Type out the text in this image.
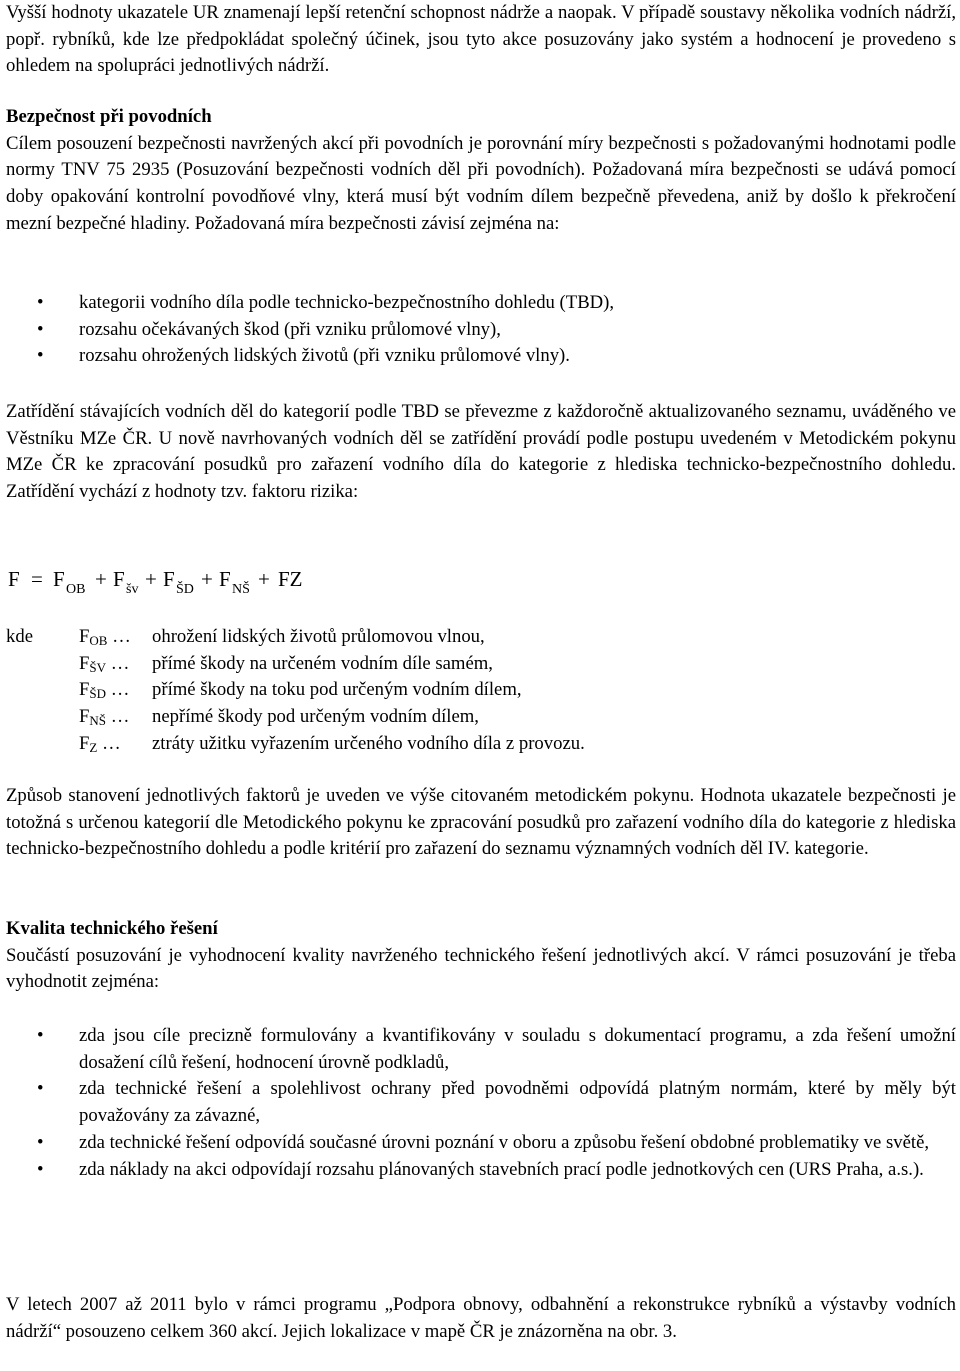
Vyšší hodnoty ukazatele UR znamenají lepší retenční schopnost nádrže a naopak. V případě soustavy několika vodních nádrží, popř. rybníků, kde lze předpokládat společný účinek, jsou tyto akce posuzovány jako systém a hodnocení je provedeno s ohledem na spolupráci jednotlivých nádrží.

Bezpečnost při povodních

Cílem posouzení bezpečnosti navržených akcí při povodních je porovnání míry bezpečnosti s požadovanými hodnotami podle normy TNV 75 2935 (Posuzování bezpečnosti vodních děl při povodních). Požadovaná míra bezpečnosti se udává pomocí doby opakování kontrolní povodňové vlny, která musí být vodním dílem bezpečně převedena, aniž by došlo k překročení mezní bezpečné hladiny. Požadovaná míra bezpečnosti závisí zejména na:

• kategorii vodního díla podle technicko-bezpečnostního dohledu (TBD),
• rozsahu očekávaných škod (při vzniku průlomové vlny),
• rozsahu ohrožených lidských životů (při vzniku průlomové vlny).

Zatřídění stávajících vodních děl do kategorií podle TBD se převezme z každoročně aktualizovaného seznamu, uváděného ve Věstníku MZe ČR. U nově navrhovaných vodních děl se zatřídění provádí podle postupu uvedeném v Metodickém pokynu MZe ČR ke zpracování posudků pro zařazení vodního díla do kategorie z hlediska technicko-bezpečnostního dohledu. Zatřídění vychází z hodnoty tzv. faktoru rizika:

F = F OB + F šv + F ŠD + F NŠ + FZ
kde $F_{OB}$ … ohrožení lidských životů průlomovou vlnou,
$F_{ŠV}$ … přímé škody na určeném vodním díle samém,
$F_{ŠD}$ … přímé škody na toku pod určeným vodním dílem,
$F_{NŠ}$ … nepřímé škody pod určeným vodním dílem,
$F_Z$ … ztráty užitku vyřazením určeného vodního díla z provozu.

Způsob stanovení jednotlivých faktorů je uveden ve výše citovaném metodickém pokynu. Hodnota ukazatele bezpečnosti je totožná s určenou kategorií dle Metodického pokynu ke zpracování posudků pro zařazení vodního díla do kategorie z hlediska technicko-bezpečnostního dohledu a podle kritérií pro zařazení do seznamu významných vodních děl IV. kategorie.

Kvalita technického řešení

Součástí posuzování je vyhodnocení kvality navrženého technického řešení jednotlivých akcí. V rámci posuzování je třeba vyhodnotit zejména:

• zda jsou cíle precizně formulovány a kvantifikovány v souladu s dokumentací programu, a zda řešení umožní dosažení cílů řešení, hodnocení úrovně podkladů,
• zda technické řešení a spolehlivost ochrany před povodněmi odpovídá platným normám, které by měly být považovány za závazné,
• zda technické řešení odpovídá současné úrovni poznání v oboru a způsobu řešení obdobné problematiky ve světě,
• zda náklady na akci odpovídají rozsahu plánovaných stavebních prací podle jednotkových cen (URS Praha, a.s.).

V letech 2007 až 2011 bylo v rámci programu „Podpora obnovy, odbahnění a rekonstrukce rybníků a výstavby vodních nádrží“ posouzeno celkem 360 akcí. Jejich lokalizace v mapě ČR je znázorněna na obr. 3.
